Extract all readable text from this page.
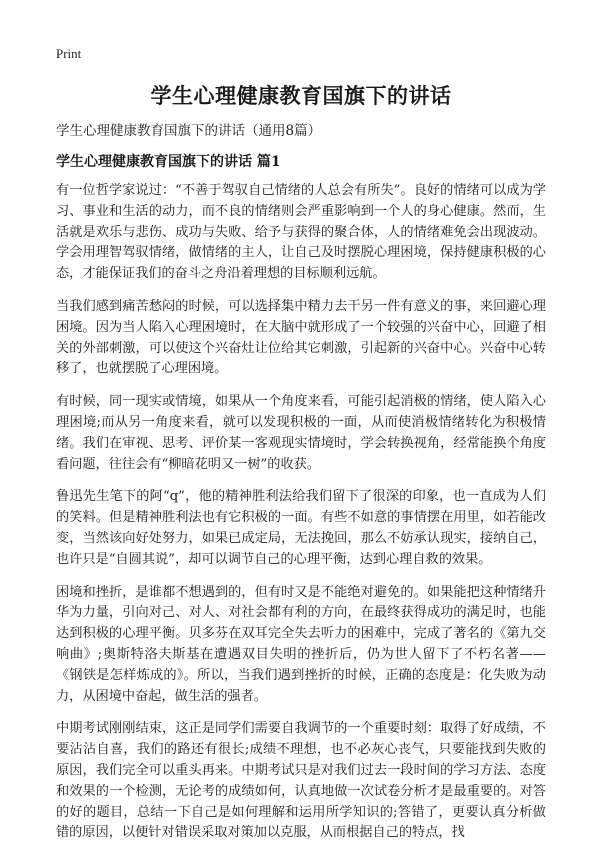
Print
学生心理健康教育国旗下的讲话

学生心理健康教育国旗下的讲话（通用8篇）

学生心理健康教育国旗下的讲话 篇1

有一位哲学家说过：“不善于驾驭自己情绪的人总会有所失”。良好的情绪可以成为学习、事业和生活的动力，而不良的情绪则会严重影响到一个人的身心健康。然而，生活就是欢乐与悲伤、成功与失败、给予与获得的聚合体，人的情绪难免会出现波动。学会用理智驾驭情绪，做情绪的主人，让自己及时摆脱心理困境，保持健康积极的心态，才能保证我们的奋斗之舟沿着理想的目标顺利远航。

当我们感到痛苦愁闷的时候，可以选择集中精力去干另一件有意义的事，来回避心理困境。因为当人陷入心理困境时，在大脑中就形成了一个较强的兴奋中心，回避了相关的外部刺激，可以使这个兴奋灶让位给其它刺激，引起新的兴奋中心。兴奋中心转移了，也就摆脱了心理困境。

有时候，同一现实或情境，如果从一个角度来看，可能引起消极的情绪，使人陷入心理困境;而从另一角度来看，就可以发现积极的一面，从而使消极情绪转化为积极情绪。我们在审视、思考、评价某一客观现实情境时，学会转换视角，经常能换个角度看问题，往往会有“柳暗花明又一树”的收获。

鲁迅先生笔下的阿“q”，他的精神胜利法给我们留下了很深的印象，也一直成为人们的笑料。但是精神胜利法也有它积极的一面。有些不如意的事情摆在用里，如若能改变，当然该向好处努力，如果已成定局，无法挽回，那么不妨承认现实，接纳自己，也许只是“自圆其说”，却可以调节自己的心理平衡，达到心理自救的效果。

困境和挫折，是谁都不想遇到的，但有时又是不能绝对避免的。如果能把这种情绪升华为力量，引向对己、对人、对社会都有利的方向，在最终获得成功的满足时，也能达到积极的心理平衡。贝多芬在双耳完全失去听力的困难中，完成了著名的《第九交响曲》;奥斯特洛夫斯基在遭遇双目失明的挫折后，仍为世人留下了不朽名著——《钢铁是怎样炼成的》。所以，当我们遇到挫折的时候，正确的态度是：化失败为动力，从困境中奋起，做生活的强者。

中期考试刚刚结束，这正是同学们需要自我调节的一个重要时刻：取得了好成绩，不要沾沾自喜，我们的路还有很长;成绩不理想，也不必灰心丧气，只要能找到失败的原因，我们完全可以重头再来。中期考试只是对我们过去一段时间的学习方法、态度和效果的一个检测，无论考的成绩如何，认真地做一次试卷分析才是最重要的。对答的好的题目，总结一下自己是如何理解和运用所学知识的;答错了，更要认真分析做错的原因，以便针对错误采取对策加以克服，从而根据自己的特点，找
